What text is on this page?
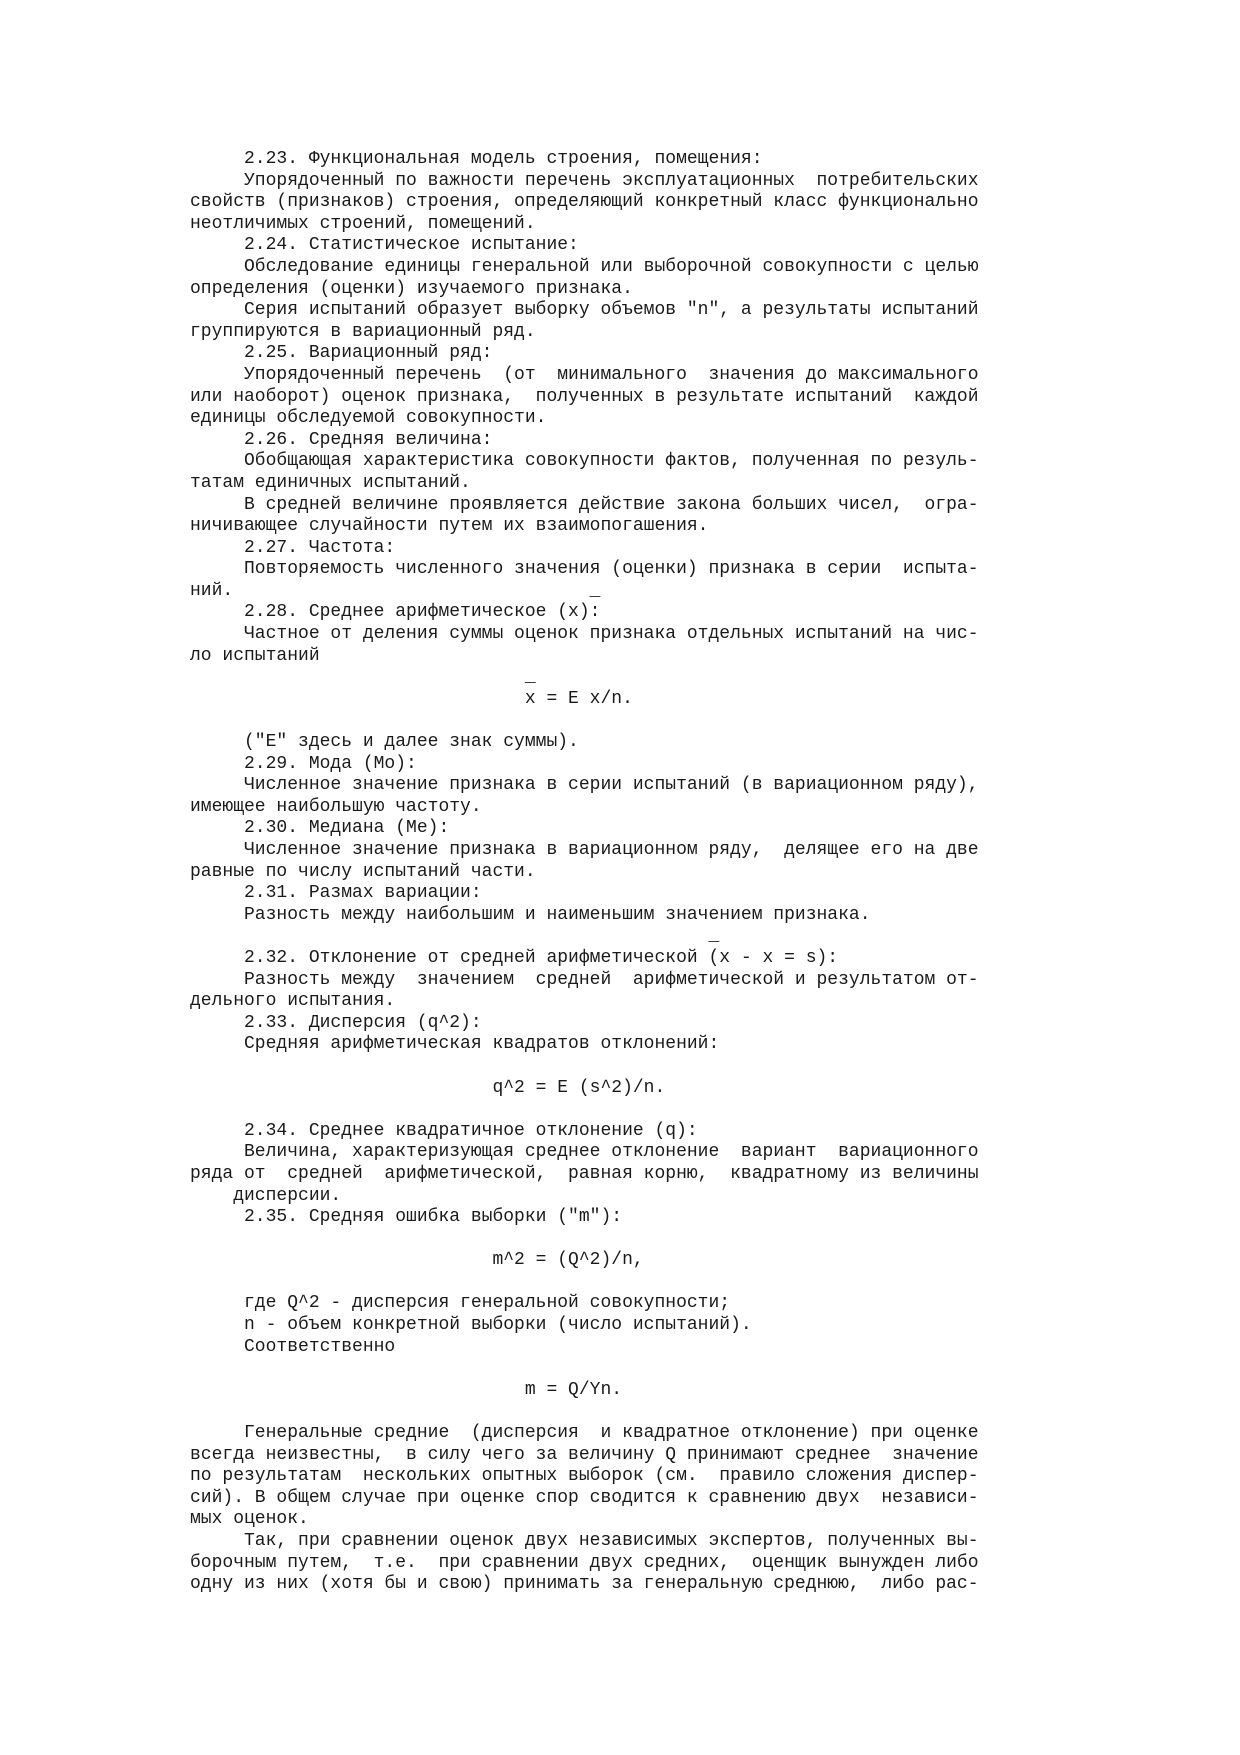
2.23. Функциональная модель строения, помещения:
Упорядоченный по важности перечень эксплуатационных  потребительских
свойств (признаков) строения, определяющий конкретный класс функционально
неотличимых строений, помещений.
2.24. Статистическое испытание:
Обследование единицы генеральной или выборочной совокупности с целью
определения (оценки) изучаемого признака.
Серия испытаний образует выборку объемов "n", а результаты испытаний
группируются в вариационный ряд.
2.25. Вариационный ряд:
Упорядоченный перечень  (от  минимального  значения до максимального
или наоборот) оценок признака,  полученных в результате испытаний  каждой
единицы обследуемой совокупности.
2.26. Средняя величина:
Обобщающая характеристика совокупности фактов, полученная по резуль-
татам единичных испытаний.
В средней величине проявляется действие закона больших чисел,  огра-
ничивающее случайности путем их взаимопогашения.
2.27. Частота:
Повторяемость численного значения (оценки) признака в серии  испыта-
ний.                                 _
2.28. Среднее арифметическое (x):
Частное от деления суммы оценок признака отдельных испытаний на чис-
ло испытаний
_
x = E x/n.
("E" здесь и далее знак суммы).
2.29. Мода (Мо):
Численное значение признака в серии испытаний (в вариационном ряду),
имеющее наибольшую частоту.
2.30. Медиана (Ме):
Численное значение признака в вариационном ряду,  делящее его на две
равные по числу испытаний части.
2.31. Размах вариации:
Разность между наибольшим и наименьшим значением признака.
_
2.32. Отклонение от средней арифметической (x - x = s):
Разность между  значением  средней  арифметической и результатом от-
дельного испытания.
2.33. Дисперсия (q^2):
Средняя арифметическая квадратов отклонений:
q^2 = E (s^2)/n.
2.34. Среднее квадратичное отклонение (q):
Величина, характеризующая среднее отклонение  вариант  вариационного
ряда от  средней  арифметической,  равная корню,  квадратному из величины
дисперсии.
2.35. Средняя ошибка выборки ("m"):
m^2 = (Q^2)/n,
где Q^2 - дисперсия генеральной совокупности;
n - объем конкретной выборки (число испытаний).
Соответственно
m = Q/Yn.
Генеральные средние  (дисперсия  и квадратное отклонение) при оценке
всегда неизвестны,  в силу чего за величину Q принимают среднее  значение
по результатам  нескольких опытных выборок (см.  правило сложения диспер-
сий). В общем случае при оценке спор сводится к сравнению двух  независи-
мых оценок.
Так, при сравнении оценок двух независимых экспертов, полученных вы-
борочным путем,  т.е.  при сравнении двух средних,  оценщик вынужден либо
одну из них (хотя бы и свою) принимать за генеральную среднюю,  либо рас-
